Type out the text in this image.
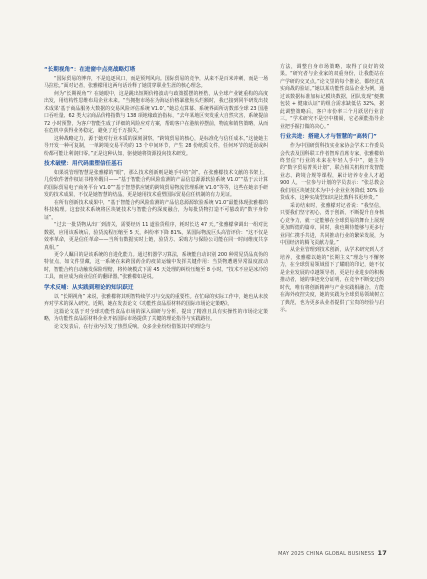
“长期视角”：在进窗中点亮战略灯塔

“国际贸易的博弈，不是追逐风口，而是预判风向。国际贸易的竞争，从来不是百米冲刺，而是一场马拉松。”面对记者，张雅檬用这两句话诠释了她贯穿职业生涯的核心理念。

何为“长期视角”？在她眼中，这是跳出短期价格波动与政策摇摆的桎梏，从全球产业链重构的高度出发，用结构性思维布局企业未来。“当拥抱市场在为海运价格暴涨焦头烂额时，我已接到同半研发出技术成果‘基于商品服务大数据的交易风险评估系统 V1.0’。”她总点算幕、系统界面所访数部全球 23 国港口吞吐量、62 类大宗商品价格指数与 138 项地缘政治指标，“去年某地区突发重大自然灾害，系统提前 72 小时预警，为客户智能生成了详细的风险应对方案，帮助客户在港航停摆前，物流和销售策略，从而在危机中获得业务稳定，避免了近千万损失。”

这种战略定力，源于她对行业本质的深刻洞察。“跨境贸易的核心，是标准化与信任成本。”这使她主导开发一种可复制，一单跨境交易平均的 13 个中间环节，产生 28 份纸质文件，任何环节的延误或纠纷都可能让利润归零。”正是这种认知，驱使她将资源投向技术研发。

技术破壁：用代码重塑信任基石

如果说管理智慧是张雅檬的“眼”，那么技术创新则是她手中的“剑”。在张雅檬技术文献的书架上，几份软件著作权证书格外醒目——“基于智能合约风险监测的产品信息源源软验系统 V1.0”“基于云计算的国际贸易电子商务平台 V1.0”“基于智慧供应链的跨境贸易物流管理系统 V1.0”等等，这些在她亲手研发的技术成果，不仅是她智慧的结晶，更是她用技术重塑国际贸易信任机制的有力见证。

在所有创新技术成果中，“基于智能合约风险监测的产品信息源源软验系统 V1.0”最能体现张雅檬的科技梳理。这套技术系统将区块链技术与智能合约深度融合，为每批货物打造不可篡改的“数字身份证”。

“过去一批货物从出厂到清关，需要经历 11 道验货程序，耗时长达 47 天。”张雅檬拿调出一组对比数据，应用该系统后，验货流程压缩至 5 天，纠纷率下降 81%。某国际物流巨头高管评价：“这不仅是效率革命，更是信任革命——当所有数据实时上链，验货方、采购方与保险公司能在同一时间维度共享真相。”

更令人瞩目的是该系统的自进化能力。通过机器学习算法，系统能自动识别 200 种常见货品真伪的特征点，如文件里藏，这一系统在来跨国药企的疫苗运输中发挥关键作用：当货物遭遇异常温度波动时，智能合约自动触发保险理赔，将传统模式下需 45 天处理的纠纷压缩至 8 小时。“技术不应是冰冷的工具，而应成为商业信任的翻译器。”张雅檬如是说。

学术反哺：从实践到理论的知识跃迁

以 “长期视角” 来说，张雅檬将其明智特续学习与交流的重要性。在忙碌的实际工作中，她也从未放弃对学术的深入研究。近期，她在发表论文《功能性食品原材料的国际市场论定策略》。

这篇论文基于对全球功能性食品市场的深入调研与分析，提出了精准且具有实操性的市场论定策略，为功能性食品原材料企业开拓国际市场提供了关键的理论指导与实践路径。

论文发表后，在行业内引发了热烈反响。众多企业纷纷借鉴其中的理念与

方法，调整自身市场策略，取得了良好的效果。“研究者与企业家的双重身份，让我能站在产学研的交叉点。”论文里的每个推论，都经过真实商战的验证。”她以某功能性食品企业为例，通过该数据标准加标记模块数据，团队发现“便携包装 + 健康认证”的组合需求缺低估 32%，据此调整策略后，客户市份率三个月跃居行业首三。“学术研究不是空中楼阁，它必须能指导企业把手握打做的决心。”

行业共进：搭建人才与智慧的“高转门”

作为中国研贸科技实业家协会学术工作委员会代表及国科联工作者智库首席专家，张雅檬始终坚信“行业的未来在年轻人手中”，她主导的“数字贸易菁英计划”，联合相关机构开发智能业态、跨境合规等课程，累计培养专业人才超 900 人，一位参与计划的学员表示：“张总教会我们用区块链技术为中小企业业务降低 30% 验货成本，这种实战型知识是比教科书更珍贵。”

采访结束时，张雅檬对记者说：“我坚信，只要我们坚守初心，勇于创新，不断提升自身核心竞争力，就一定能够在全球贸易的舞台上展现更加辉煌的篇章，同时，我也期待能够与更多行业同仁携手共进，共同推动行业的繁荣发展，为中国经济的腾飞贡献力量。”

从企业管理到技术创新，从学术研究到人才培养，张雅檬以她的“长期主义”理念与不懈努力，在全球贸易领域留下了耀眼的印记，她不仅是企业发展的卓越领导者，更是行业进步的积极推动者，她的事迹充分证明，在竞争不断变迁的时代，唯有将创新精神与产业实践相融合，方能在海外疫控尖度，她的实践为全球贸易领域树立了典范，也为更多从业者提供了宝贵的经验与启示。

MAY 2025 CHINA GLOBAL BUSINESS 17
